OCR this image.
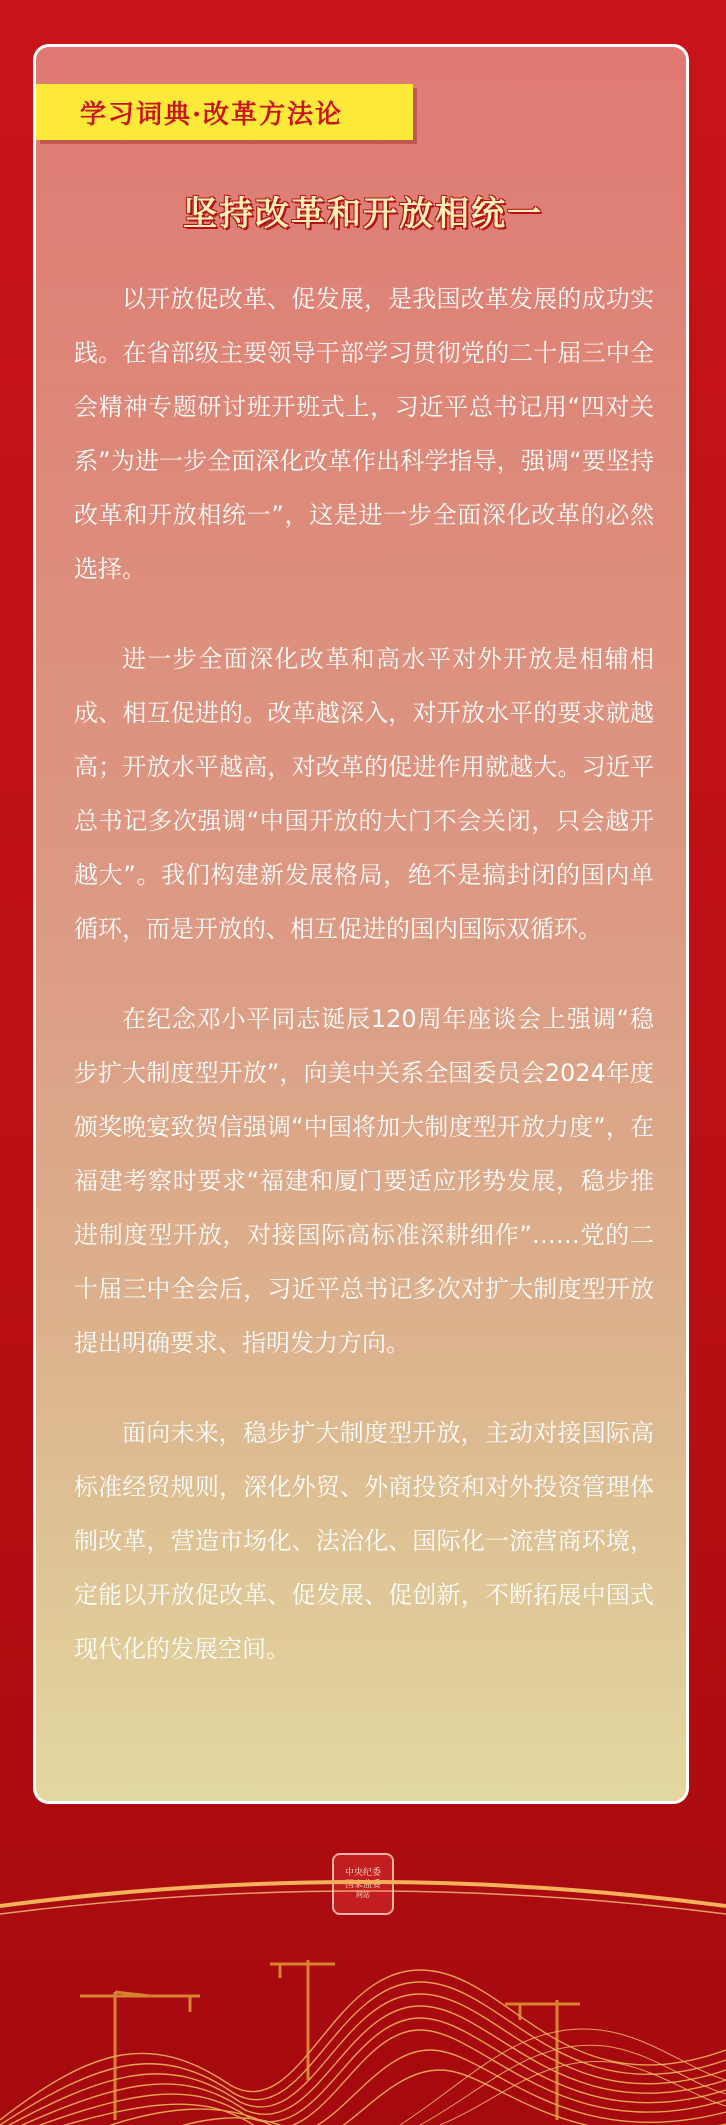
学习词典·改革方法论
坚持改革和开放相统一

以开放促改革、促发展，是我国改革发展的成功实践。在省部级主要领导干部学习贯彻党的二十届三中全会精神专题研讨班开班式上，习近平总书记用“四对关系”为进一步全面深化改革作出科学指导，强调“要坚持改革和开放相统一”，这是进一步全面深化改革的必然选择。

进一步全面深化改革和高水平对外开放是相辅相成、相互促进的。改革越深入，对开放水平的要求就越高；开放水平越高，对改革的促进作用就越大。习近平总书记多次强调“中国开放的大门不会关闭，只会越开越大”。我们构建新发展格局，绝不是搞封闭的国内单循环，而是开放的、相互促进的国内国际双循环。

在纪念邓小平同志诞辰120周年座谈会上强调“稳步扩大制度型开放”，向美中关系全国委员会2024年度颁奖晚宴致贺信强调“中国将加大制度型开放力度”，在福建考察时要求“福建和厦门要适应形势发展，稳步推进制度型开放，对接国际高标准深耕细作”……党的二十届三中全会后，习近平总书记多次对扩大制度型开放提出明确要求、指明发力方向。

面向未来，稳步扩大制度型开放，主动对接国际高标准经贸规则，深化外贸、外商投资和对外投资管理体制改革，营造市场化、法治化、国际化一流营商环境，定能以开放促改革、促发展、促创新，不断拓展中国式现代化的发展空间。

中央纪委
国家监委
网站
